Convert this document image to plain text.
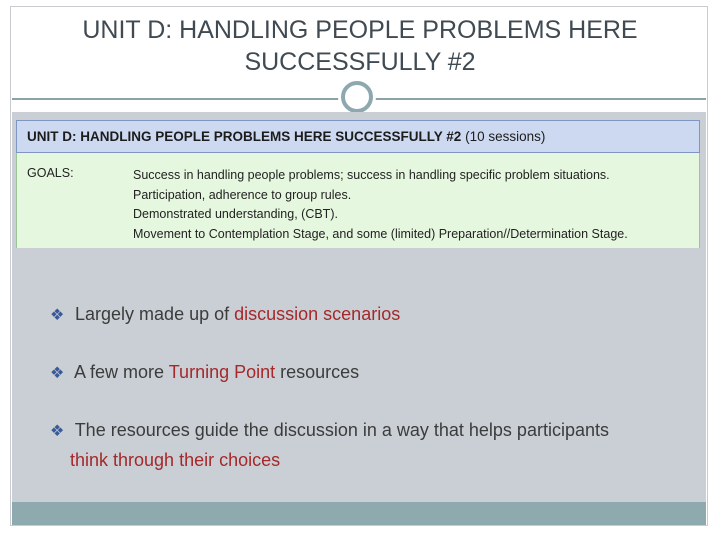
UNIT D: HANDLING PEOPLE PROBLEMS HERE
SUCCESSFULLY #2
UNIT D: HANDLING PEOPLE PROBLEMS HERE SUCCESSFULLY #2 (10 sessions)
GOALS:	Success in handling people problems; success in handling specific problem situations.
Participation, adherence to group rules.
Demonstrated understanding, (CBT).
Movement to Contemplation Stage, and some (limited) Preparation//Determination Stage.
❖ Largely made up of discussion scenarios
❖ A few more Turning Point resources
❖ The resources guide the discussion in a way that helps participants
think through their choices
